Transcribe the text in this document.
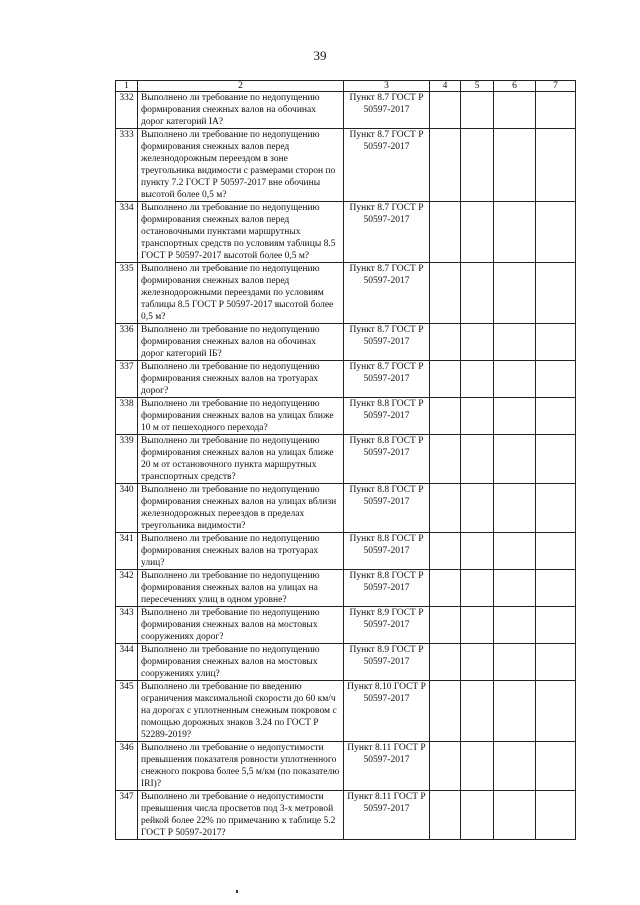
39
1	2	3	4	5	6	7
332	Выполнено ли требование по недопущению формирования снежных валов на обочинах дорог категорий IA?	Пункт 8.7 ГОСТ Р 50597-2017				
333	Выполнено ли требование по недопущению формирования снежных валов перед железнодорожным переездом в зоне треугольника видимости с размерами сторон по пункту 7.2 ГОСТ Р 50597-2017 вне обочины высотой более 0,5 м?	Пункт 8.7 ГОСТ Р 50597-2017				
334	Выполнено ли требование по недопущению формирования снежных валов перед остановочными пунктами маршрутных транспортных средств по условиям таблицы 8.5 ГОСТ Р 50597-2017 высотой более 0,5 м?	Пункт 8.7 ГОСТ Р 50597-2017				
335	Выполнено ли требование по недопущению формирования снежных валов перед железнодорожными переездами по условиям таблицы 8.5 ГОСТ Р 50597-2017 высотой более 0,5 м?	Пункт 8.7 ГОСТ Р 50597-2017				
336	Выполнено ли требование по недопущению формирования снежных валов на обочинах дорог категорий IБ?	Пункт 8.7 ГОСТ Р 50597-2017				
337	Выполнено ли требование по недопущению формирования снежных валов на тротуарах дорог?	Пункт 8.7 ГОСТ Р 50597-2017				
338	Выполнено ли требование по недопущению формирования снежных валов на улицах ближе 10 м от пешеходного перехода?	Пункт 8.8 ГОСТ Р 50597-2017				
339	Выполнено ли требование по недопущению формирования снежных валов на улицах ближе 20 м от остановочного пункта маршрутных транспортных средств?	Пункт 8.8 ГОСТ Р 50597-2017				
340	Выполнено ли требование по недопущению формирования снежных валов на улицах вблизи железнодорожных переездов в пределах треугольника видимости?	Пункт 8.8 ГОСТ Р 50597-2017				
341	Выполнено ли требование по недопущению формирования снежных валов на тротуарах улиц?	Пункт 8.8 ГОСТ Р 50597-2017				
342	Выполнено ли требование по недопущению формирования снежных валов на улицах на пересечениях улиц в одном уровне?	Пункт 8.8 ГОСТ Р 50597-2017				
343	Выполнено ли требование по недопущению формирования снежных валов на мостовых сооружениях дорог?	Пункт 8.9 ГОСТ Р 50597-2017				
344	Выполнено ли требование по недопущению формирования снежных валов на мостовых сооружениях улиц?	Пункт 8.9 ГОСТ Р 50597-2017				
345	Выполнено ли требование по введению ограничения максимальной скорости до 60 км/ч на дорогах с уплотненным снежным покровом с помощью дорожных знаков 3.24 по ГОСТ Р 52289-2019?	Пункт 8.10 ГОСТ Р 50597-2017				
346	Выполнено ли требование о недопустимости превышения показателя ровности уплотненного снежного покрова более 5,5 м/км (по показателю IRI)?	Пункт 8.11 ГОСТ Р 50597-2017				
347	Выполнено ли требование о недопустимости превышения числа просветов под 3-х метровой рейкой более 22% по примечанию к таблице 5.2 ГОСТ Р 50597-2017?	Пункт 8.11 ГОСТ Р 50597-2017				
